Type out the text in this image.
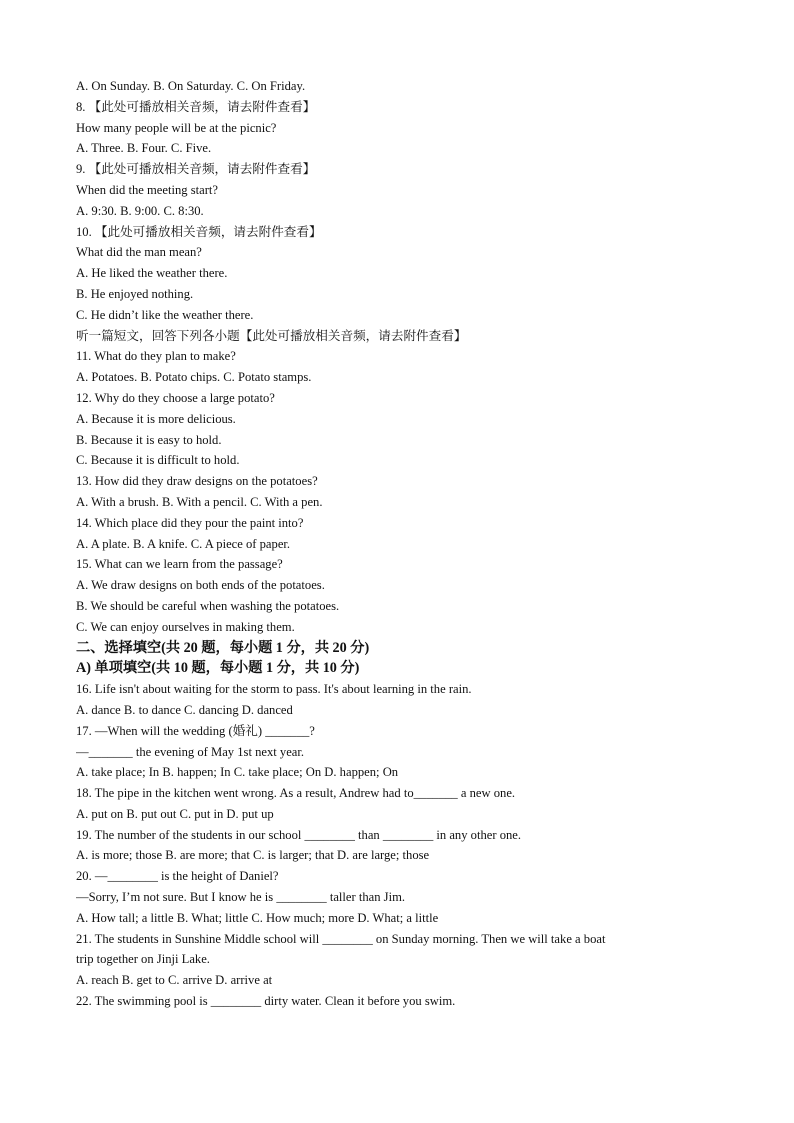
A. On Sunday. B. On Saturday. C. On Friday.
8. 【此处可播放相关音频，请去附件查看】
How many people will be at the picnic?
A. Three. B. Four. C. Five.
9. 【此处可播放相关音频，请去附件查看】
When did the meeting start?
A. 9:30. B. 9:00. C. 8:30.
10. 【此处可播放相关音频，请去附件查看】
What did the man mean?
A. He liked the weather there.
B. He enjoyed nothing.
C. He didn’t like the weather there.
听一篇短文，回答下列各小题【此处可播放相关音频，请去附件查看】
11. What do they plan to make?
A. Potatoes. B. Potato chips. C. Potato stamps.
12. Why do they choose a large potato?
A. Because it is more delicious.
B. Because it is easy to hold.
C. Because it is difficult to hold.
13. How did they draw designs on the potatoes?
A. With a brush. B. With a pencil. C. With a pen.
14. Which place did they pour the paint into?
A. A plate. B. A knife. C. A piece of paper.
15. What can we learn from the passage?
A. We draw designs on both ends of the potatoes.
B. We should be careful when washing the potatoes.
C. We can enjoy ourselves in making them.
二、选择填空(共 20 题，每小题 1 分，共 20 分)
A) 单项填空(共 10 题，每小题 1 分，共 10 分)
16. Life isn't about waiting for the storm to pass. It's about learning in the rain.
A. dance B. to dance C. dancing D. danced
17. —When will the wedding (婚礼) _______?
—_______ the evening of May 1st next year.
A. take place; In B. happen; In C. take place; On D. happen; On
18. The pipe in the kitchen went wrong. As a result, Andrew had to_______ a new one.
A. put on B. put out C. put in D. put up
19. The number of the students in our school ________ than ________ in any other one.
A. is more; those B. are more; that C. is larger; that D. are large; those
20. —________ is the height of Daniel?
—Sorry, I’m not sure. But I know he is ________ taller than Jim.
A. How tall; a little B. What; little C. How much; more D. What; a little
21. The students in Sunshine Middle school will ________ on Sunday morning. Then we will take a boat
trip together on Jinji Lake.
A. reach B. get to C. arrive D. arrive at
22. The swimming pool is ________ dirty water. Clean it before you swim.
